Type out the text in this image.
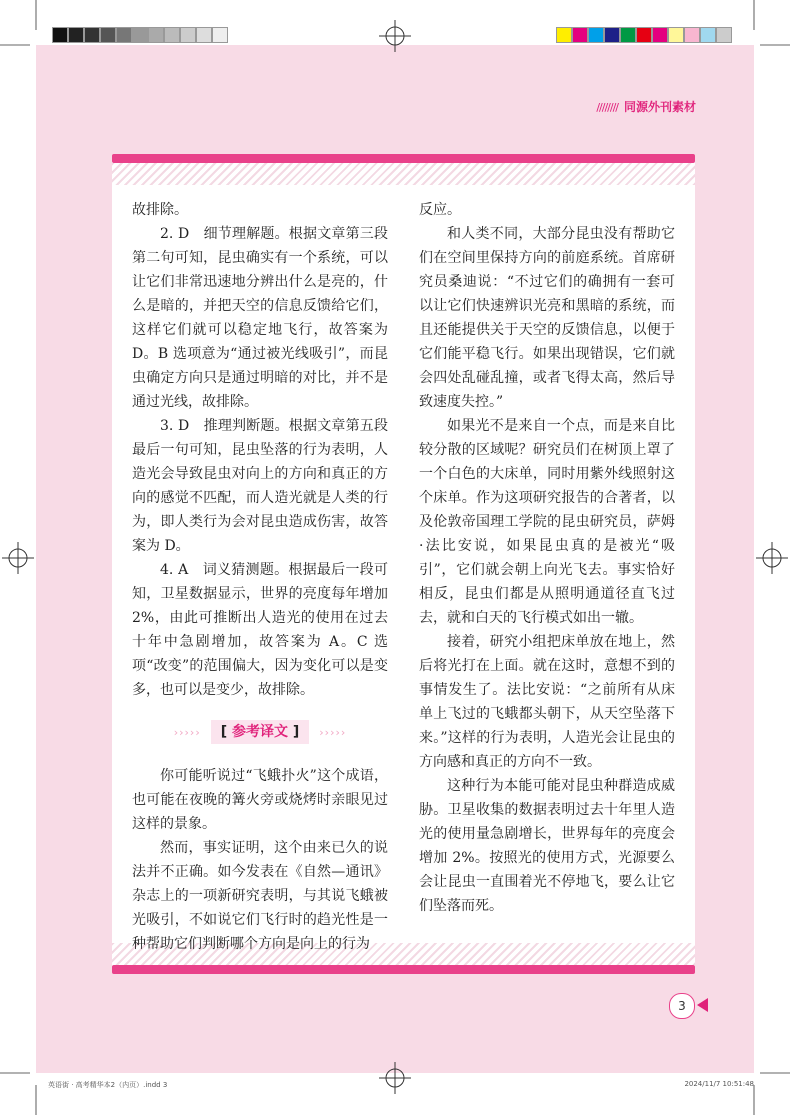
//////// 同源外刊素材

故排除。

2. D　细节理解题。根据文章第三段第二句可知，昆虫确实有一个系统，可以让它们非常迅速地分辨出什么是亮的，什么是暗的，并把天空的信息反馈给它们，这样它们就可以稳定地飞行，故答案为 D。B 选项意为“通过被光线吸引”，而昆虫确定方向只是通过明暗的对比，并不是通过光线，故排除。

3. D　推理判断题。根据文章第五段最后一句可知，昆虫坠落的行为表明，人造光会导致昆虫对向上的方向和真正的方向的感觉不匹配，而人造光就是人类的行为，即人类行为会对昆虫造成伤害，故答案为 D。

4. A　词义猜测题。根据最后一段可知，卫星数据显示，世界的亮度每年增加 2%，由此可推断出人造光的使用在过去十年中急剧增加，故答案为 A。C 选项“改变”的范围偏大，因为变化可以是变多，也可以是变少，故排除。

››››› [ 参考译文 ] ›››››

你可能听说过“飞蛾扑火”这个成语，也可能在夜晚的篝火旁或烧烤时亲眼见过这样的景象。

然而，事实证明，这个由来已久的说法并不正确。如今发表在《自然—通讯》杂志上的一项新研究表明，与其说飞蛾被光吸引，不如说它们飞行时的趋光性是一种帮助它们判断哪个方向是向上的行为

反应。

和人类不同，大部分昆虫没有帮助它们在空间里保持方向的前庭系统。首席研究员桑迪说：“不过它们的确拥有一套可以让它们快速辨识光亮和黑暗的系统，而且还能提供关于天空的反馈信息，以便于它们能平稳飞行。如果出现错误，它们就会四处乱碰乱撞，或者飞得太高，然后导致速度失控。”

如果光不是来自一个点，而是来自比较分散的区域呢？研究员们在树顶上罩了一个白色的大床单，同时用紫外线照射这个床单。作为这项研究报告的合著者，以及伦敦帝国理工学院的昆虫研究员，萨姆·法比安说，如果昆虫真的是被光“吸引”，它们就会朝上向光飞去。事实恰好相反，昆虫们都是从照明通道径直飞过去，就和白天的飞行模式如出一辙。

接着，研究小组把床单放在地上，然后将光打在上面。就在这时，意想不到的事情发生了。法比安说：“之前所有从床单上飞过的飞蛾都头朝下，从天空坠落下来。”这样的行为表明，人造光会让昆虫的方向感和真正的方向不一致。

这种行为本能可能对昆虫种群造成威胁。卫星收集的数据表明过去十年里人造光的使用量急剧增长，世界每年的亮度会增加 2%。按照光的使用方式，光源要么会让昆虫一直围着光不停地飞，要么让它们坠落而死。

3
英语街 · 高考精华本2（内页）.indd 3	2024/11/7 10:51:48
